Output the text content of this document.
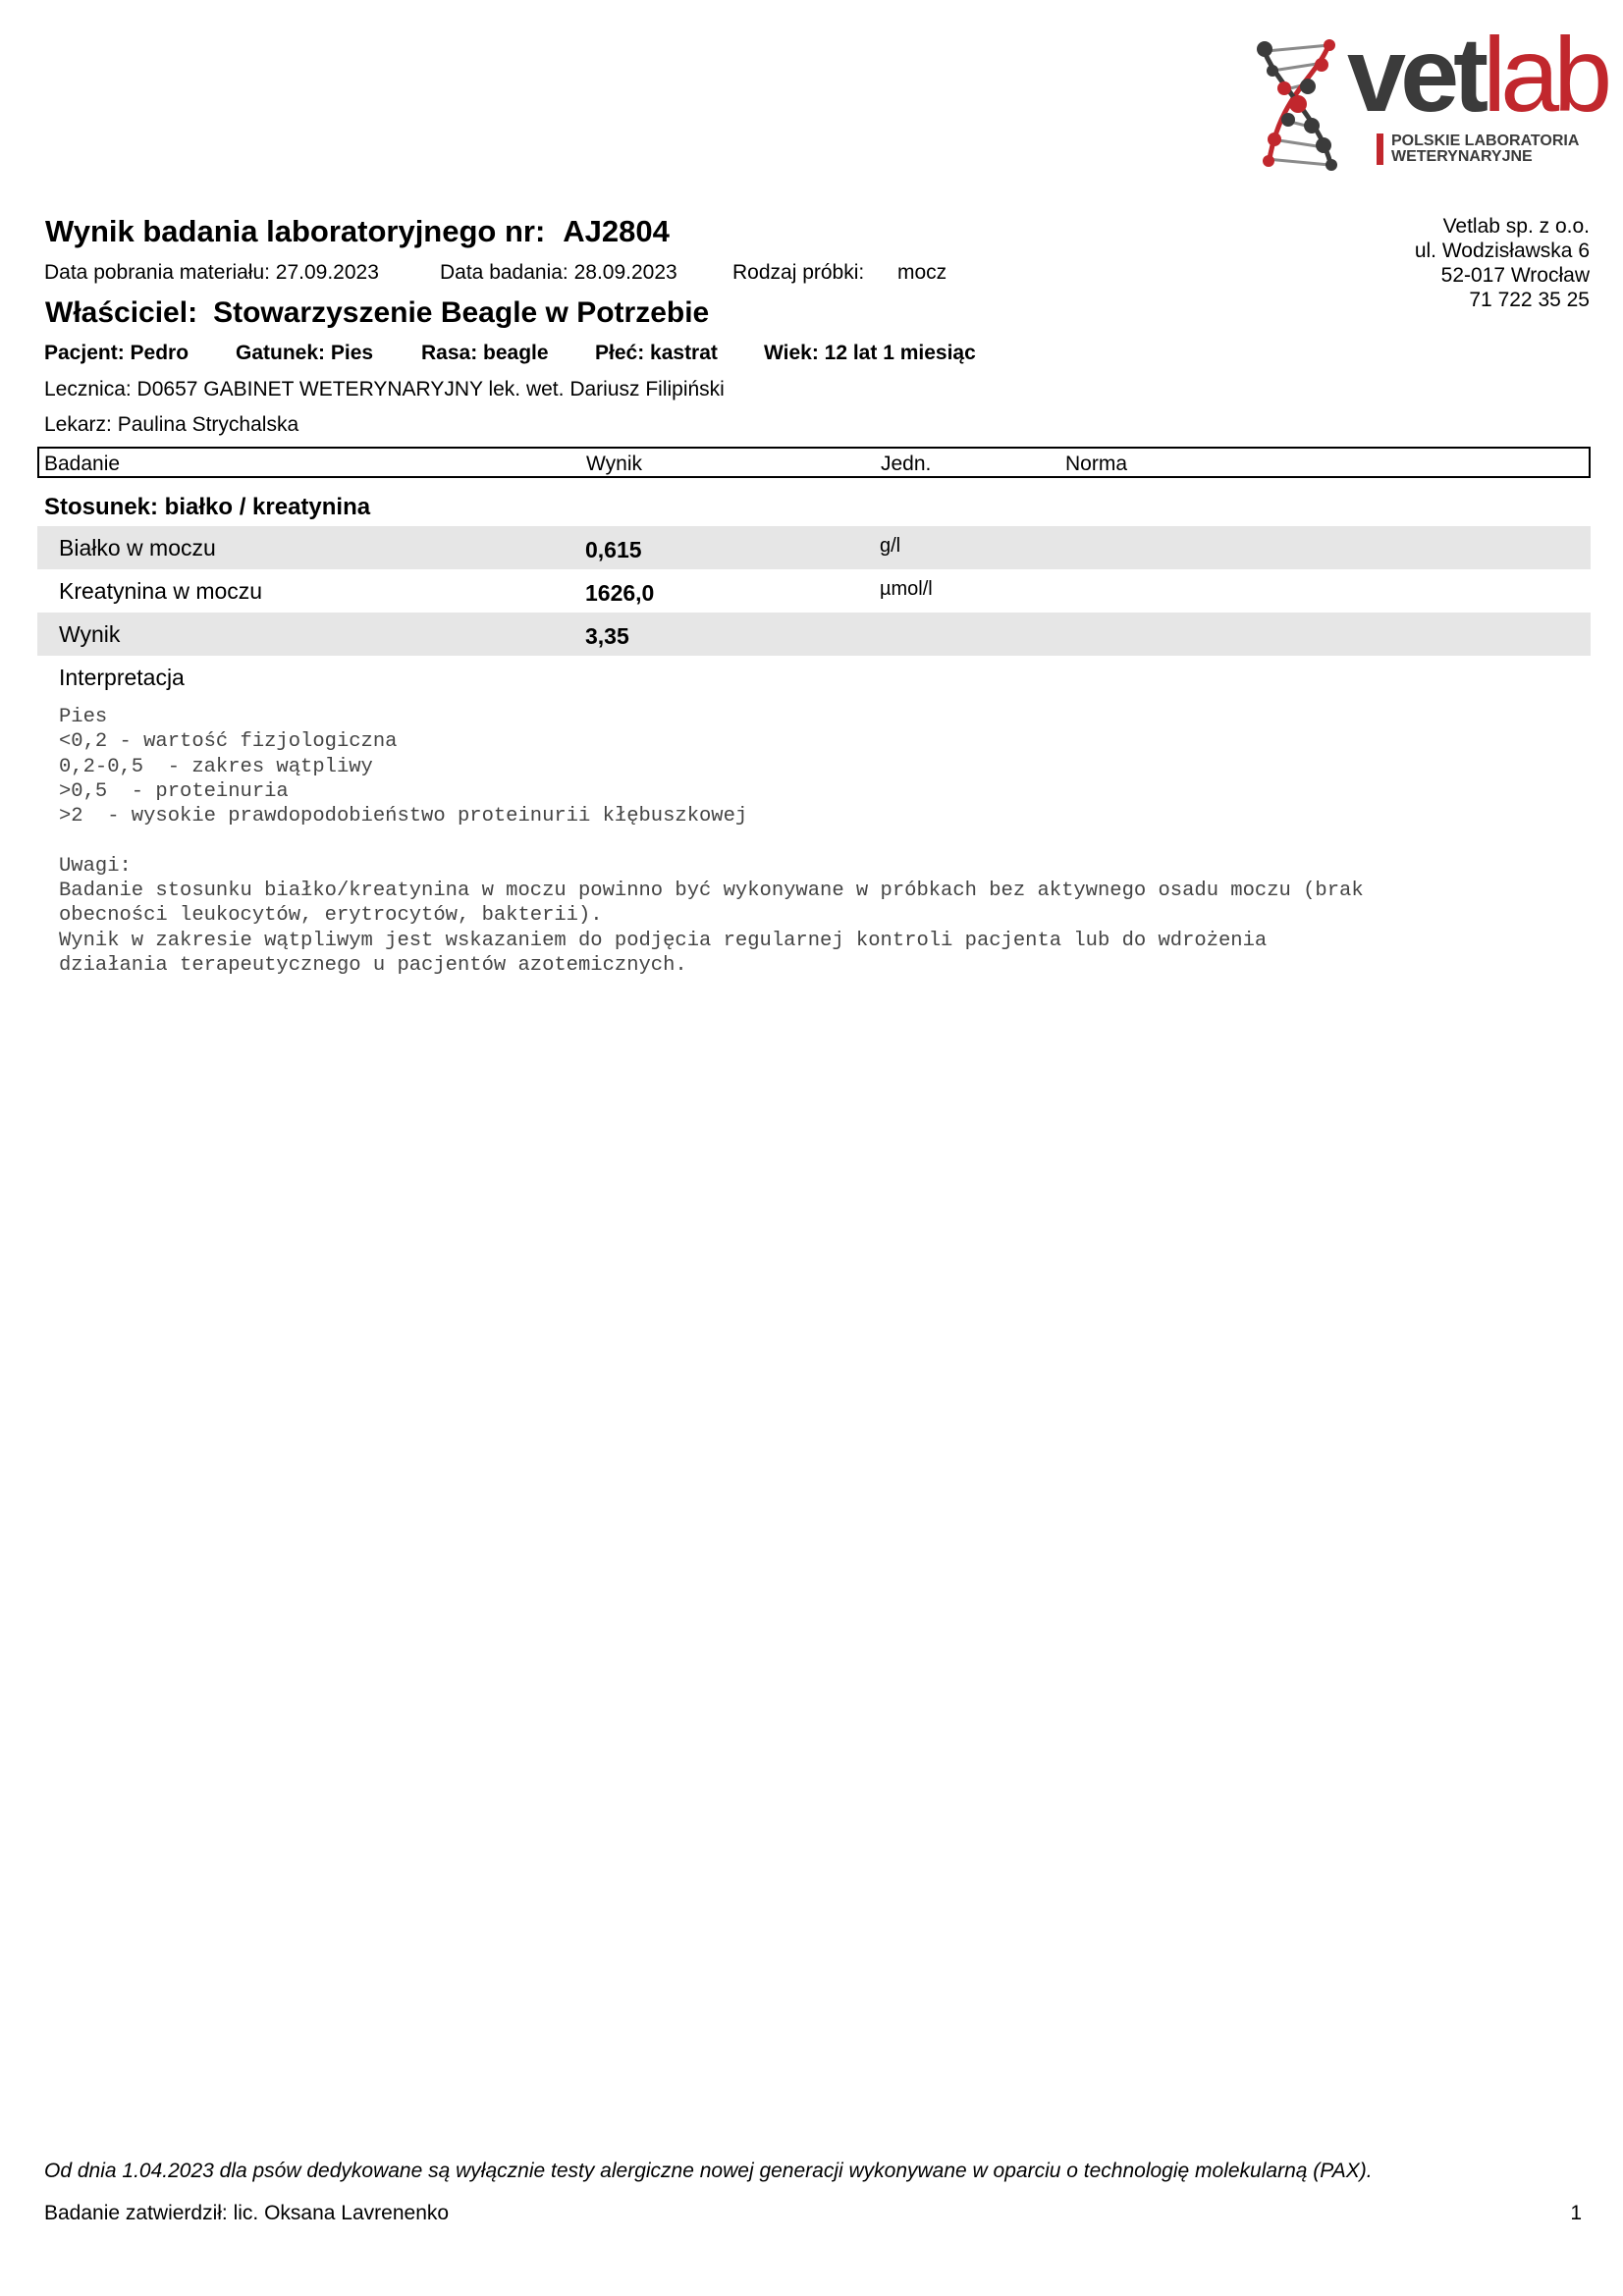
vetlab
POLSKIE LABORATORIA
WETERYNARYJNE
Vetlab sp. z o.o.
ul. Wodzisławska 6
52-017 Wrocław
71 722 35 25
Wynik badania laboratoryjnego nr: AJ2804
Data pobrania materiału: 27.09.2023	Data badania: 28.09.2023	Rodzaj próbki: mocz
Właściciel: Stowarzyszenie Beagle w Potrzebie
Pacjent: Pedro Gatunek: Pies Rasa: beagle Płeć: kastrat Wiek: 12 lat 1 miesiąc
Lecznica: D0657 GABINET WETERYNARYJNY lek. wet. Dariusz Filipiński
Lekarz: Paulina Strychalska
Badanie	Wynik	Jedn.	Norma
Stosunek: białko / kreatynina
Białko w moczu	0,615	g/l
Kreatynina w moczu	1626,0	µmol/l
Wynik	3,35
Interpretacja
Pies
<0,2 - wartość fizjologiczna
0,2-0,5  - zakres wątpliwy
>0,5  - proteinuria
>2  - wysokie prawdopodobieństwo proteinurii kłębuszkowej

Uwagi:
Badanie stosunku białko/kreatynina w moczu powinno być wykonywane w próbkach bez aktywnego osadu moczu (brak
obecności leukocytów, erytrocytów, bakterii).
Wynik w zakresie wątpliwym jest wskazaniem do podjęcia regularnej kontroli pacjenta lub do wdrożenia
działania terapeutycznego u pacjentów azotemicznych.
Od dnia 1.04.2023 dla psów dedykowane są wyłącznie testy alergiczne nowej generacji wykonywane w oparciu o technologię molekularną (PAX).
Badanie zatwierdził: lic. Oksana Lavrenenko	1
